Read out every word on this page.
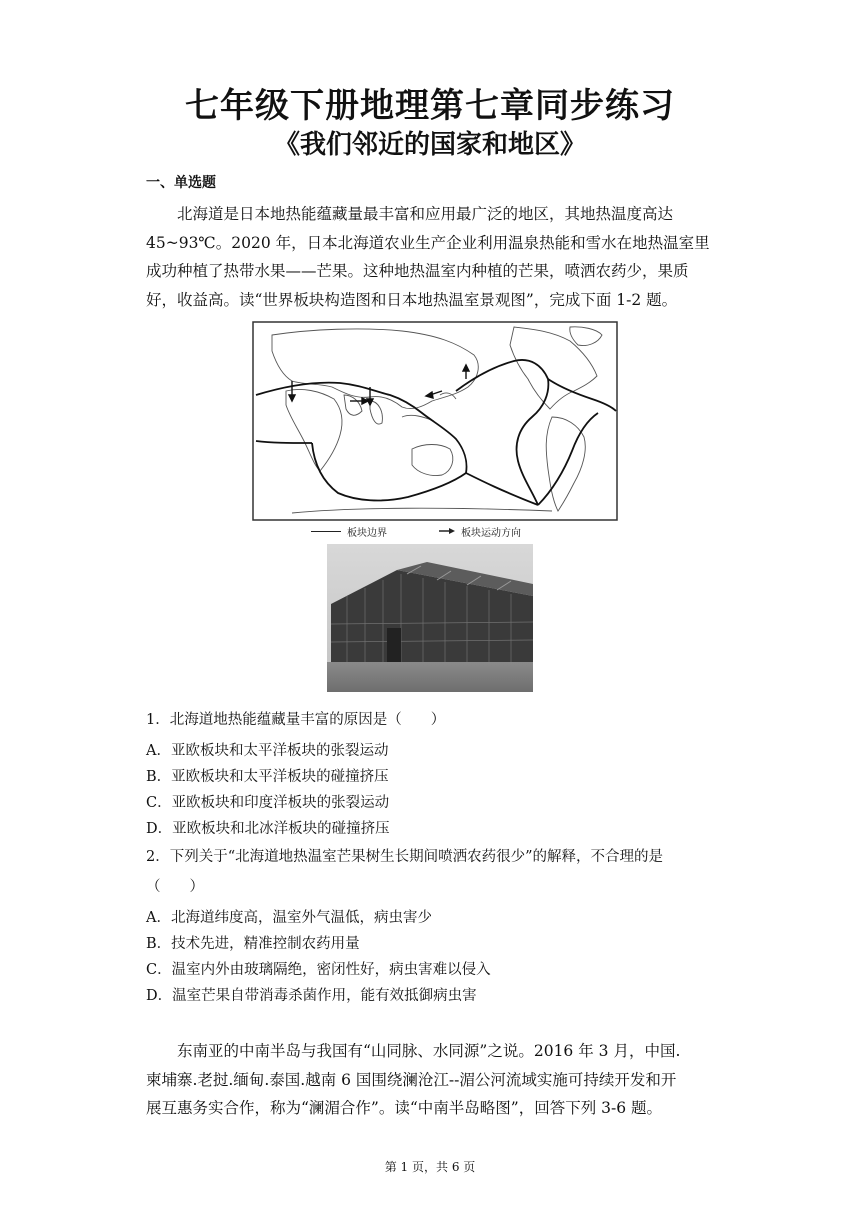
七年级下册地理第七章同步练习
《我们邻近的国家和地区》
一、单选题

北海道是日本地热能蕴藏量最丰富和应用最广泛的地区，其地热温度高达

45~93℃。2020 年，日本北海道农业生产企业利用温泉热能和雪水在地热温室里

成功种植了热带水果——芒果。这种地热温室内种植的芒果，喷洒农药少，果质

好，收益高。读“世界板块构造图和日本地热温室景观图”，完成下面 1-2 题。

板块边界	板块运动方向
1．北海道地热能蕴藏量丰富的原因是（　　）
A．亚欧板块和太平洋板块的张裂运动
B．亚欧板块和太平洋板块的碰撞挤压
C．亚欧板块和印度洋板块的张裂运动
D．亚欧板块和北冰洋板块的碰撞挤压
2．下列关于“北海道地热温室芒果树生长期间喷洒农药很少”的解释，不合理的是
（　　）
A．北海道纬度高，温室外气温低，病虫害少
B．技术先进，精准控制农药用量
C．温室内外由玻璃隔绝，密闭性好，病虫害难以侵入
D．温室芒果自带消毒杀菌作用，能有效抵御病虫害

东南亚的中南半岛与我国有“山同脉、水同源”之说。2016 年 3 月，中国.

柬埔寨.老挝.缅甸.泰国.越南 6 国围绕澜沧江--湄公河流域实施可持续开发和开

展互惠务实合作，称为“澜湄合作”。读“中南半岛略图”，回答下列 3-6 题。

第 1 页，共 6 页
